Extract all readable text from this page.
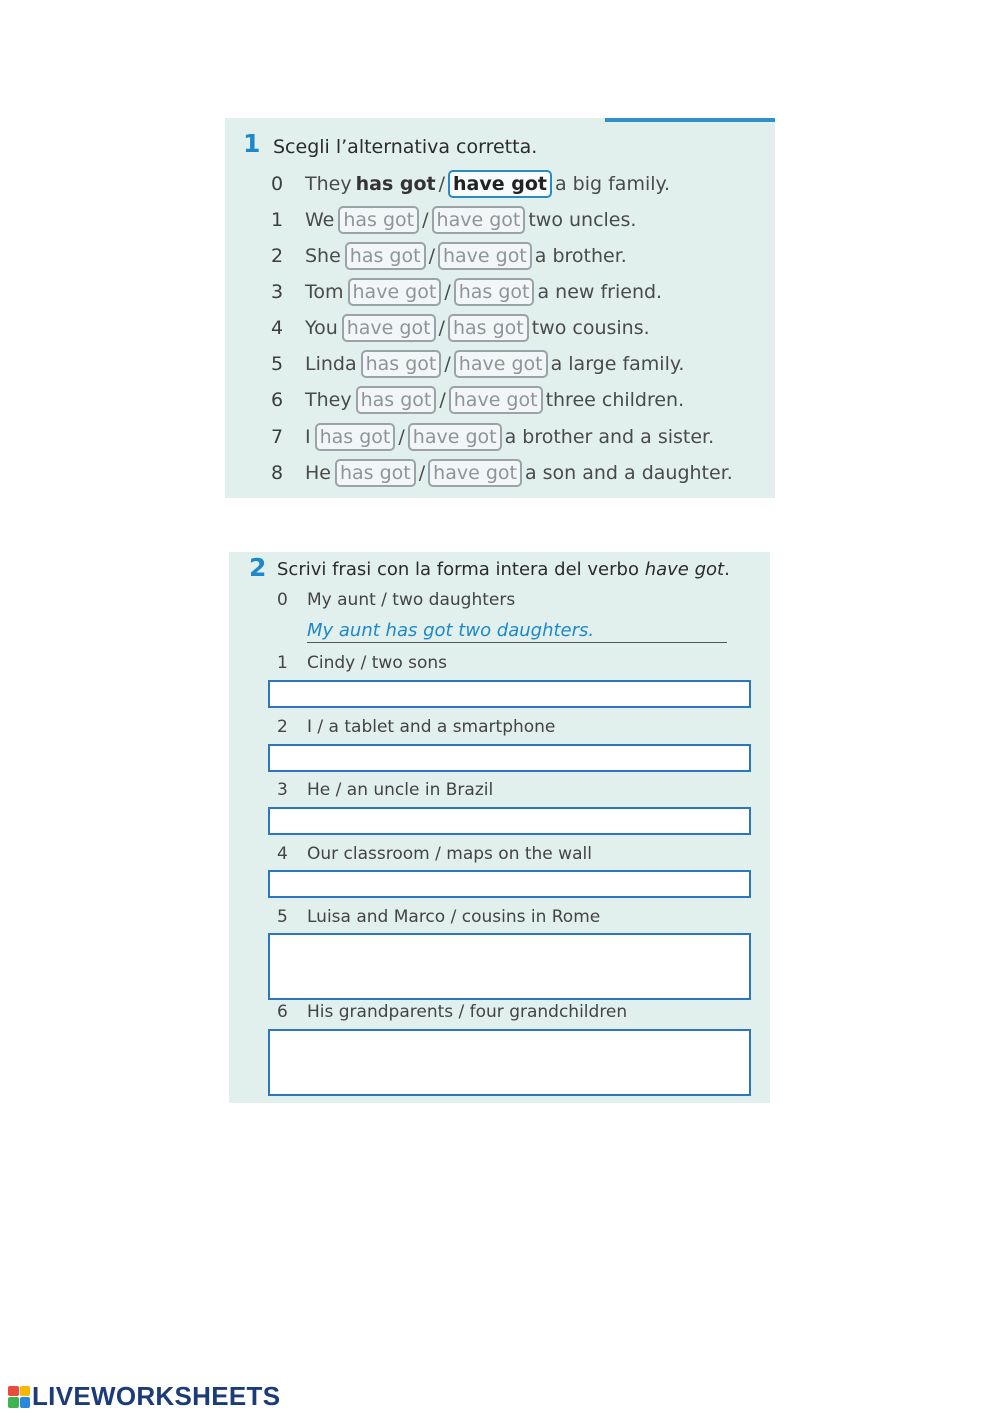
1 Scegli l’alternativa corretta.
0	They has got / have got a big family.
1	We has got / have got two uncles.
2	She has got / have got a brother.
3	Tom have got / has got a new friend.
4	You have got / has got two cousins.
5	Linda has got / have got a large family.
6	They has got / have got three children.
7	I has got / have got a brother and a sister.
8	He has got / have got a son and a daughter.
2 Scrivi frasi con la forma intera del verbo have got.
0 My aunt / two daughters
My aunt has got two daughters.
1 Cindy / two sons
2 I / a tablet and a smartphone
3 He / an uncle in Brazil
4 Our classroom / maps on the wall
5 Luisa and Marco / cousins in Rome
6 His grandparents / four grandchildren
LIVEWORKSHEETS
